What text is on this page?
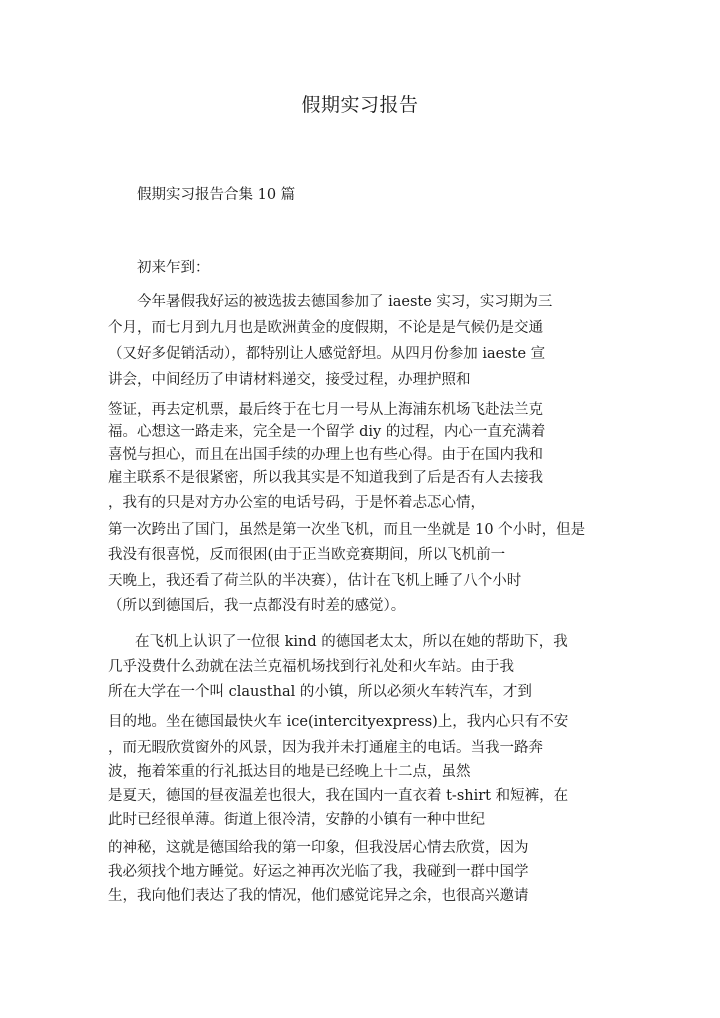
假期实习报告
假期实习报告合集 10 篇
初来乍到：
今年暑假我好运的被选拔去德国参加了 iaeste 实习，实习期为三
个月，而七月到九月也是欧洲黄金的度假期，不论是是气候仍是交通
（又好多促销活动），都特别让人感觉舒坦。从四月份参加 iaeste 宣
讲会，中间经历了申请材料递交，接受过程，办理护照和
签证，再去定机票，最后终于在七月一号从上海浦东机场飞赴法兰克
福。心想这一路走来，完全是一个留学 diy 的过程，内心一直充满着
喜悦与担心，而且在出国手续的办理上也有些心得。由于在国内我和
雇主联系不是很紧密，所以我其实是不知道我到了后是否有人去接我
，我有的只是对方办公室的电话号码，于是怀着忐忑心情，
第一次跨出了国门，虽然是第一次坐飞机，而且一坐就是 10 个小时，但是
我没有很喜悦，反而很困(由于正当欧竞赛期间，所以飞机前一
天晚上，我还看了荷兰队的半决赛），估计在飞机上睡了八个小时
（所以到德国后，我一点都没有时差的感觉）。
在飞机上认识了一位很 kind 的德国老太太，所以在她的帮助下，我
几乎没费什么劲就在法兰克福机场找到行礼处和火车站。由于我
所在大学在一个叫 clausthal 的小镇，所以必须火车转汽车，才到
目的地。坐在德国最快火车 ice(intercityexpress)上，我内心只有不安
，而无暇欣赏窗外的风景，因为我并未打通雇主的电话。当我一路奔
波，拖着笨重的行礼抵达目的地是已经晚上十二点，虽然
是夏天，德国的昼夜温差也很大，我在国内一直衣着 t-shirt 和短裤，在
此时已经很单薄。街道上很冷清，安静的小镇有一种中世纪
的神秘，这就是德国给我的第一印象，但我没居心情去欣赏，因为
我必须找个地方睡觉。好运之神再次光临了我，我碰到一群中国学
生，我向他们表达了我的情况，他们感觉诧异之余，也很高兴邀请
